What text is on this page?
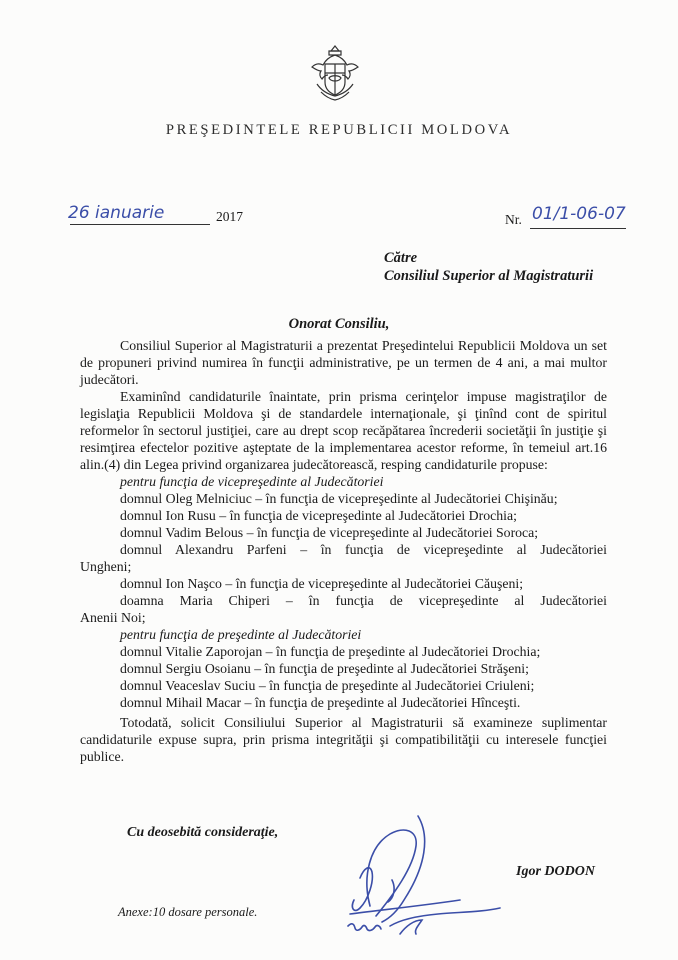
PREŞEDINTELE REPUBLICII MOLDOVA
26 ianuarie	2017	Nr. 01/1-06-07
Către
Consiliul Superior al Magistraturii
Onorat Consiliu,

Consiliul Superior al Magistraturii a prezentat Preşedintelui Republicii Moldova un set de propuneri privind numirea în funcţii administrative, pe un termen de 4 ani, a mai multor judecători.

Examinînd candidaturile înaintate, prin prisma cerinţelor impuse magistraţilor de legislaţia Republicii Moldova şi de standardele internaţionale, şi ţinînd cont de spiritul reformelor în sectorul justiţiei, care au drept scop recăpătarea încrederii societăţii în justiţie şi resimţirea efectelor pozitive aşteptate de la implementarea acestor reforme, în temeiul art.16 alin.(4) din Legea privind organizarea judecătorească, resping candidaturile propuse:

pentru funcţia de vicepreşedinte al Judecătoriei

domnul Oleg Melniciuc – în funcţia de vicepreşedinte al Judecătoriei Chişinău;

domnul Ion Rusu – în funcţia de vicepreşedinte al Judecătoriei Drochia;

domnul Vadim Belous – în funcţia de vicepreşedinte al Judecătoriei Soroca;

domnul Alexandru Parfeni – în funcţia de vicepreşedinte al Judecătoriei

Ungheni;

domnul Ion Naşco – în funcţia de vicepreşedinte al Judecătoriei Căuşeni;

doamna Maria Chiperi – în funcţia de vicepreşedinte al Judecătoriei

Anenii Noi;

pentru funcţia de preşedinte al Judecătoriei

domnul Vitalie Zaporojan – în funcţia de preşedinte al Judecătoriei Drochia;

domnul Sergiu Osoianu – în funcţia de preşedinte al Judecătoriei Străşeni;

domnul Veaceslav Suciu – în funcţia de preşedinte al Judecătoriei Criuleni;

domnul Mihail Macar – în funcţia de preşedinte al Judecătoriei Hînceşti.

Totodată, solicit Consiliului Superior al Magistraturii să examineze suplimentar candidaturile expuse supra, prin prisma integrităţii şi compatibilităţii cu interesele funcţiei publice.

Cu deosebită consideraţie,
Igor DODON
Anexe:10 dosare personale.
